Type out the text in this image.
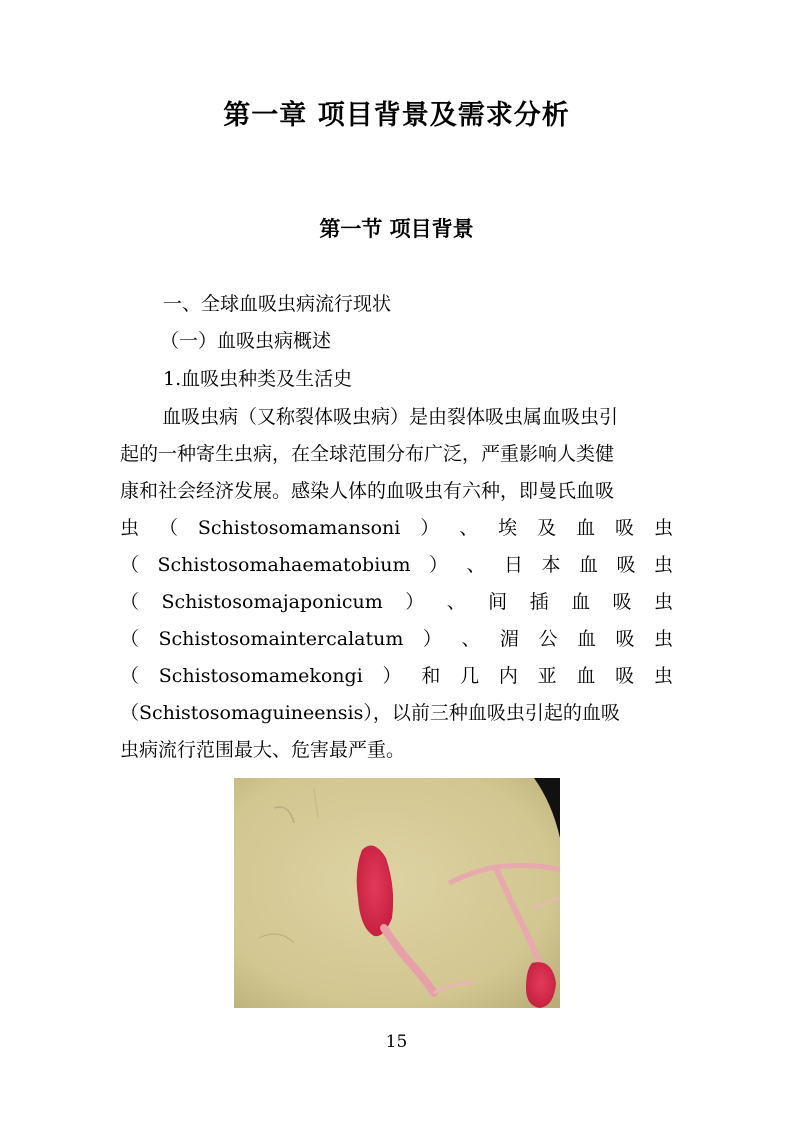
第一章 项目背景及需求分析
第一节 项目背景
一、全球血吸虫病流行现状
（一）血吸虫病概述
1.血吸虫种类及生活史
血吸虫病（又称裂体吸虫病）是由裂体吸虫属血吸虫引
起的一种寄生虫病，在全球范围分布广泛，严重影响人类健
康和社会经济发展。感染人体的血吸虫有六种，即曼氏血吸
虫 （ Schistosomamansoni ） 、 埃 及 血 吸 虫
（ Schistosomahaematobium ） 、 日 本 血 吸 虫
（ Schistosomajaponicum ） 、 间 插 血 吸 虫
（ Schistosomaintercalatum ） 、 湄 公 血 吸 虫
（ Schistosomamekongi ） 和 几 内 亚 血 吸 虫
（Schistosomaguineensis），以前三种血吸虫引起的血吸
虫病流行范围最大、危害最严重。
15
